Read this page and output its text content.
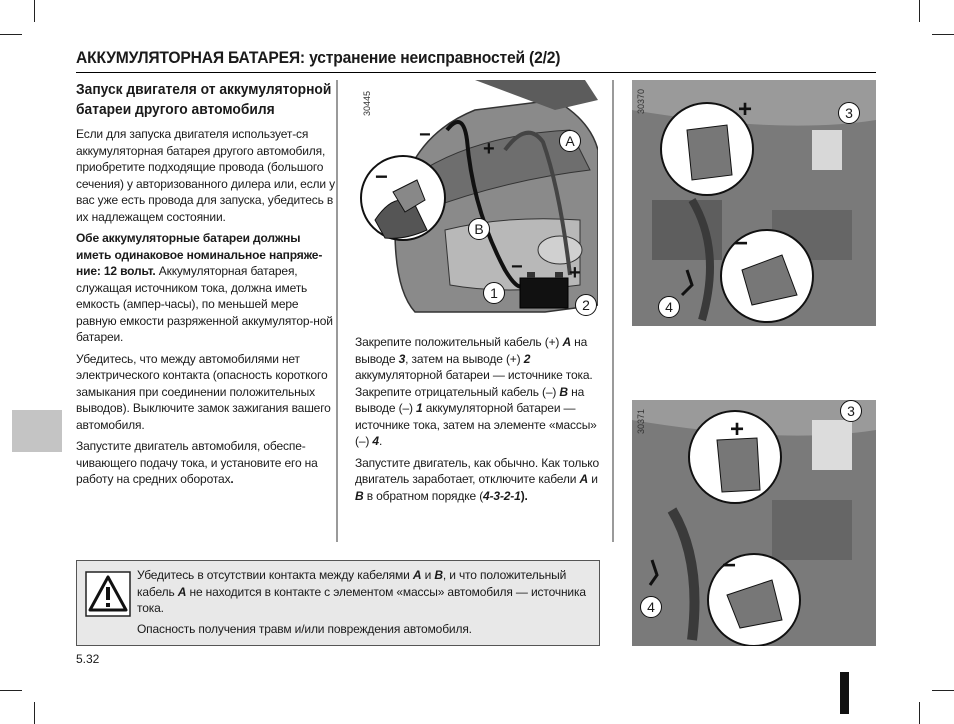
АККУМУЛЯТОРНАЯ БАТАРЕЯ: устранение неисправностей (2/2)
Запуск двигателя от аккумуляторной батареи другого автомобиля

Если для запуска двигателя использует-ся аккумуляторная батарея другого автомобиля, приобретите подходящие провода (большого сечения) у авторизованного дилера или, если у вас уже есть провода для запуска, убедитесь в их надлежащем состоянии.

Обе аккумуляторные батареи должны иметь одинаковое номинальное напряже-ние: 12 вольт. Аккумуляторная батарея, служащая источником тока, должна иметь емкость (ампер-часы), по меньшей мере равную емкости разряженной аккумулятор-ной батареи.

Убедитесь, что между автомобилями нет электрического контакта (опасность короткого замыкания при соединении положительных выводов). Выключите замок зажигания вашего автомобиля.

Запустите двигатель автомобиля, обеспе-чивающего подачу тока, и установите его на работу на средних оборотах.

−
+
−
− +
A
B
1
2
30445	+
−
3
4
30370
+
−
3
4
30371

Закрепите положительный кабель (+) A на выводе 3, затем на выводе (+) 2 аккумуляторной батареи — источнике тока. Закрепите отрицательный кабель (–) B на выводе (–) 1 аккумуляторной батареи — источнике тока, затем на элементе «массы» (–) 4.

Запустите двигатель, как обычно. Как только двигатель заработает, отключите кабели A и B в обратном порядке (4-3-2-1).

Убедитесь в отсутствии контакта между кабелями A и B, и что положительный кабель A не находится в контакте с элементом «массы» автомобиля — источника тока.

Опасность получения травм и/или повреждения автомобиля.

5.32
